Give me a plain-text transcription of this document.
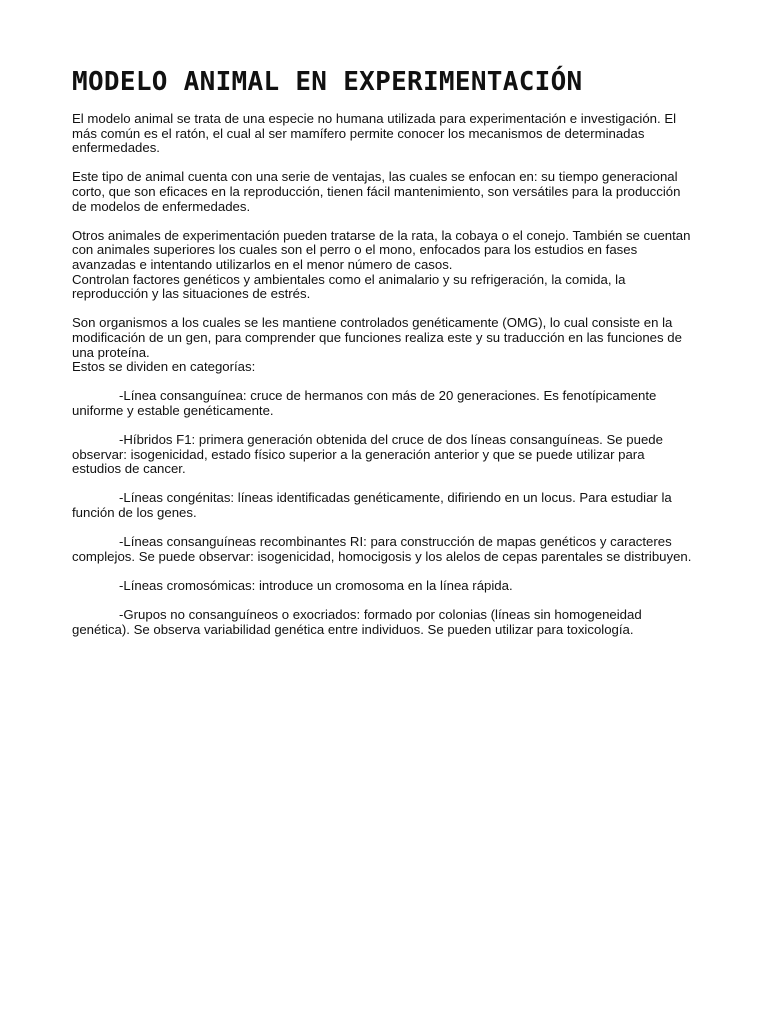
MODELO ANIMAL EN EXPERIMENTACIÓN

El modelo animal se trata de una especie no humana utilizada para experimentación e investigación. El más común es el ratón, el cual al ser mamífero permite conocer los mecanismos de determinadas enfermedades.

Este tipo de animal cuenta con una serie de ventajas, las cuales se enfocan en: su tiempo generacional corto, que son eficaces en la reproducción, tienen fácil mantenimiento, son versátiles para la producción de modelos de enfermedades.

Otros animales de experimentación pueden tratarse de la rata, la cobaya o el conejo. También se cuentan con animales superiores los cuales son el perro o el mono, enfocados para los estudios en fases avanzadas e intentando utilizarlos en el menor número de casos.

Controlan factores genéticos y ambientales como el animalario y su refrigeración, la comida, la reproducción y las situaciones de estrés.

Son organismos a los cuales se les mantiene controlados genéticamente (OMG), lo cual consiste en la modificación de un gen, para comprender que funciones realiza este y su traducción en las funciones de una proteína.

Estos se dividen en categorías:

-Línea consanguínea: cruce de hermanos con más de 20 generaciones. Es fenotípicamente uniforme y estable genéticamente.

-Híbridos F1: primera generación obtenida del cruce de dos líneas consanguíneas. Se puede observar: isogenicidad, estado físico superior a la generación anterior y que se puede utilizar para estudios de cancer.

-Líneas congénitas: líneas identificadas genéticamente, difiriendo en un locus. Para estudiar la función de los genes.

-Líneas consanguíneas recombinantes RI: para construcción de mapas genéticos y caracteres complejos. Se puede observar: isogenicidad, homocigosis y los alelos de cepas parentales se distribuyen.

-Líneas cromosómicas: introduce un cromosoma en la línea rápida.

-Grupos no consanguíneos o exocriados: formado por colonias (líneas sin homogeneidad genética). Se observa variabilidad genética entre individuos. Se pueden utilizar para toxicología.
